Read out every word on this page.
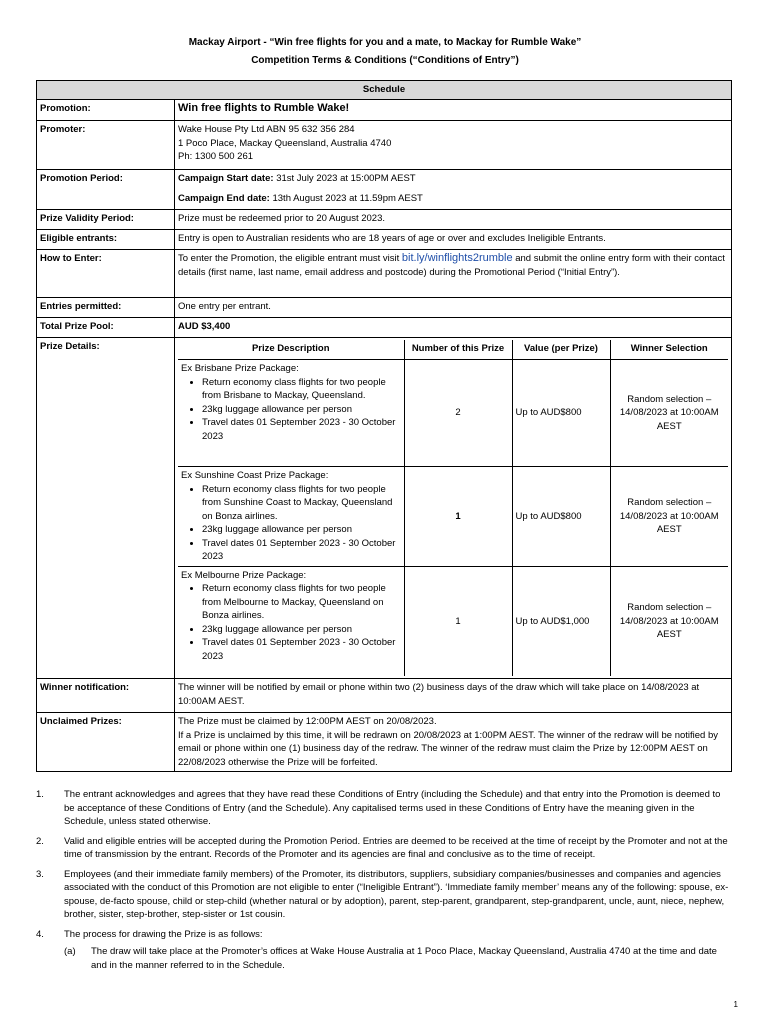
Mackay Airport - “Win free flights for you and a mate, to Mackay for Rumble Wake”
Competition Terms & Conditions (“Conditions of Entry”)
Schedule
Promotion:	Win free flights to Rumble Wake!
Promoter:	Wake House Pty Ltd ABN 95 632 356 284
1 Poco Place, Mackay Queensland, Australia 4740
Ph: 1300 500 261

Promotion Period:	Campaign Start date: 31st July 2023 at 15:00PM AEST
Campaign End date: 13th August 2023 at 11.59pm AEST

Prize Validity Period:	Prize must be redeemed prior to 20 August 2023.
Eligible entrants:	Entry is open to Australian residents who are 18 years of age or over and excludes Ineligible Entrants.
How to Enter:	To enter the Promotion, the eligible entrant must visit bit.ly/winflights2rumble and submit the online entry form with their contact details (first name, last name, email address and postcode) during the Promotional Period (“Initial Entry”).
Entries permitted:	One entry per entrant.
Total Prize Pool:	AUD $3,400
Prize Details:		Prize Description	Number of this Prize	Value (per Prize)	Winner Selection

Ex Brisbane Prize Package:
• Return economy class flights for two people from Brisbane to Mackay, Queensland.
• 23kg luggage allowance per person
• Travel dates 01 September 2023 - 30 October 2023
	2	Up to AUD$800	Random selection – 14/08/2023 at 10:00AM AEST

Ex Sunshine Coast Prize Package:
• Return economy class flights for two people from Sunshine Coast to Mackay, Queensland on Bonza airlines.
• 23kg luggage allowance per person
• Travel dates 01 September 2023 - 30 October 2023
	1	Up to AUD$800	Random selection – 14/08/2023 at 10:00AM AEST

Ex Melbourne Prize Package:
• Return economy class flights for two people from Melbourne to Mackay, Queensland on Bonza airlines.
• 23kg luggage allowance per person
• Travel dates 01 September 2023 - 30 October 2023
	1	Up to AUD$1,000	Random selection – 14/08/2023 at 10:00AM AEST

Winner notification:	The winner will be notified by email or phone within two (2) business days of the draw which will take place on 14/08/2023 at 10:00AM AEST.
Unclaimed Prizes:	The Prize must be claimed by 12:00PM AEST on 20/08/2023.
If a Prize is unclaimed by this time, it will be redrawn on 20/08/2023 at 1:00PM AEST. The winner of the redraw will be notified by email or phone within one (1) business day of the redraw. The winner of the redraw must claim the Prize by 12:00PM AEST on 22/08/2023 otherwise the Prize will be forfeited.
1. The entrant acknowledges and agrees that they have read these Conditions of Entry (including the Schedule) and that entry into the Promotion is deemed to be acceptance of these Conditions of Entry (and the Schedule). Any capitalised terms used in these Conditions of Entry have the meaning given in the Schedule, unless stated otherwise.
2. Valid and eligible entries will be accepted during the Promotion Period. Entries are deemed to be received at the time of receipt by the Promoter and not at the time of transmission by the entrant. Records of the Promoter and its agencies are final and conclusive as to the time of receipt.
3. Employees (and their immediate family members) of the Promoter, its distributors, suppliers, subsidiary companies/businesses and companies and agencies associated with the conduct of this Promotion are not eligible to enter (“Ineligible Entrant”). ‘Immediate family member’ means any of the following: spouse, ex-spouse, de-facto spouse, child or step-child (whether natural or by adoption), parent, step-parent, grandparent, step-grandparent, uncle, aunt, niece, nephew, brother, sister, step-brother, step-sister or 1st cousin.
4. The process for drawing the Prize is as follows:
(a) The draw will take place at the Promoter’s offices at Wake House Australia at 1 Poco Place, Mackay Queensland, Australia 4740 at the time and date and in the manner referred to in the Schedule.
1
